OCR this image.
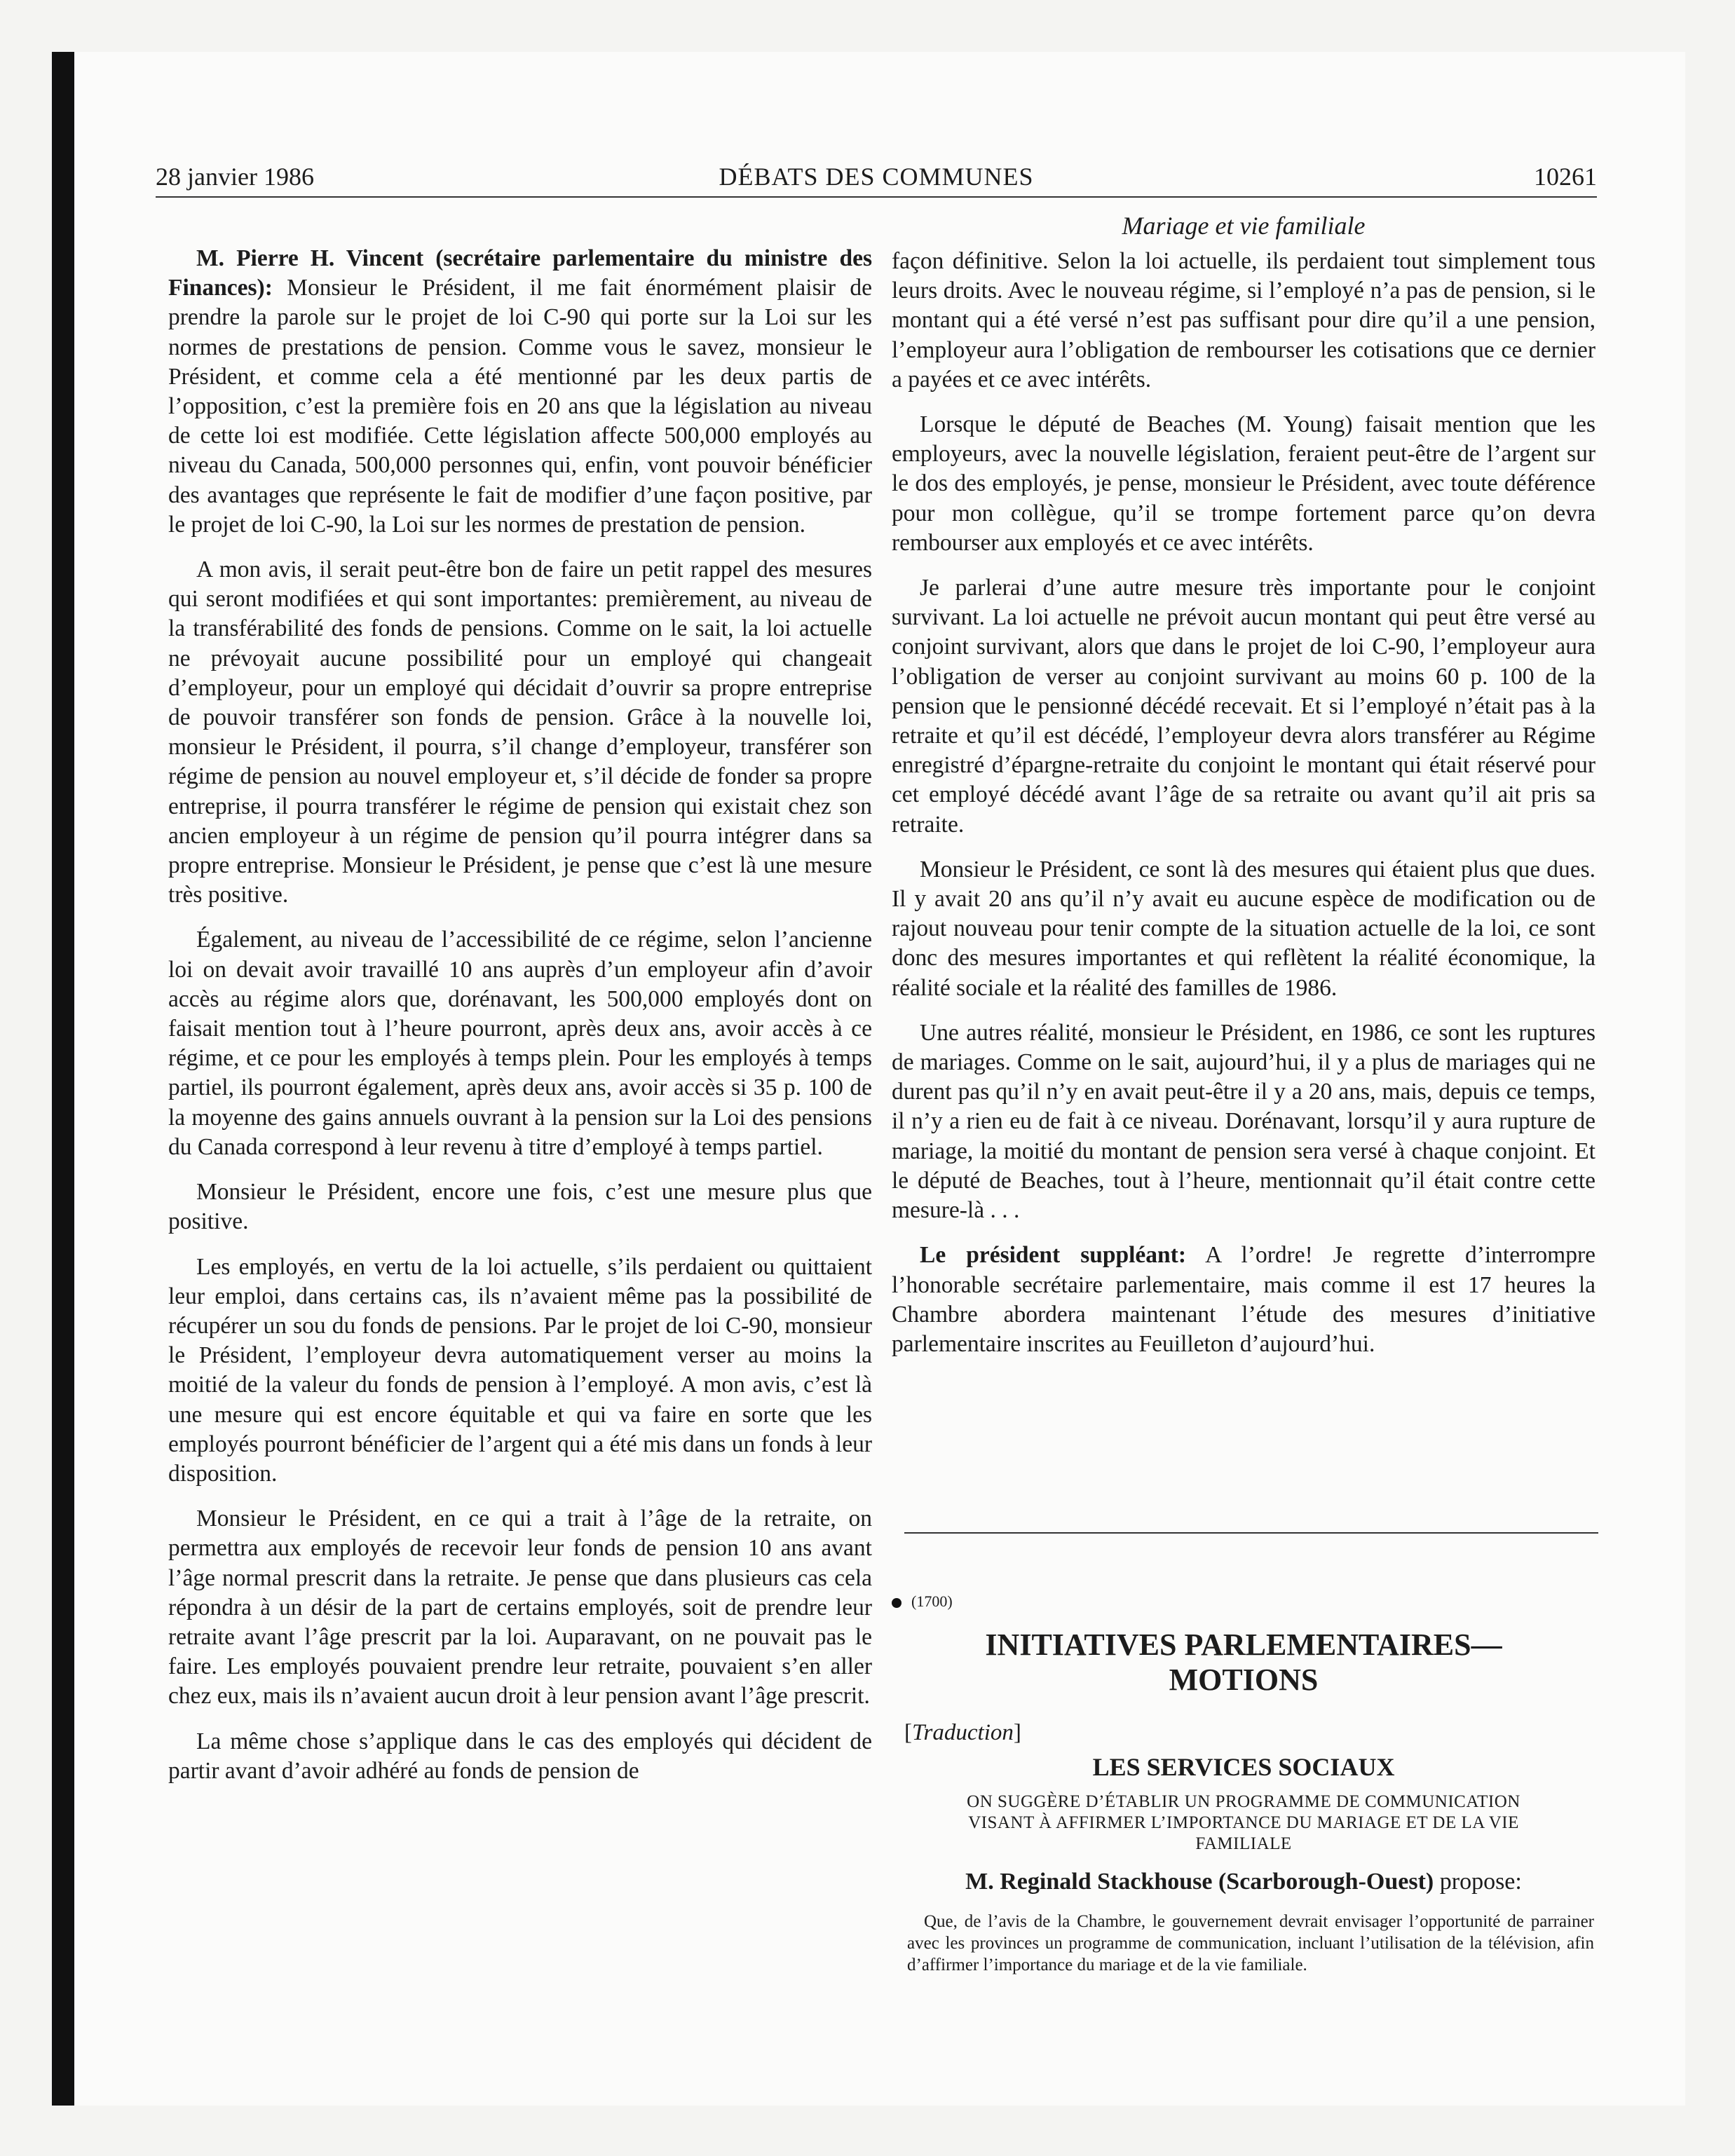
28 janvier 1986	DÉBATS DES COMMUNES	10261
Mariage et vie familiale

M. Pierre H. Vincent (secrétaire parlementaire du ministre des Finances): Monsieur le Président, il me fait énormément plaisir de prendre la parole sur le projet de loi C-90 qui porte sur la Loi sur les normes de prestations de pension. Comme vous le savez, monsieur le Président, et comme cela a été mentionné par les deux partis de l’opposition, c’est la première fois en 20 ans que la législation au niveau de cette loi est modifiée. Cette législation affecte 500,000 employés au niveau du Canada, 500,000 personnes qui, enfin, vont pouvoir bénéficier des avantages que représente le fait de modifier d’une façon positive, par le projet de loi C-90, la Loi sur les normes de prestation de pension.

A mon avis, il serait peut-être bon de faire un petit rappel des mesures qui seront modifiées et qui sont importantes: premièrement, au niveau de la transférabilité des fonds de pensions. Comme on le sait, la loi actuelle ne prévoyait aucune possibilité pour un employé qui changeait d’employeur, pour un employé qui décidait d’ouvrir sa propre entreprise de pouvoir transférer son fonds de pension. Grâce à la nouvelle loi, monsieur le Président, il pourra, s’il change d’employeur, transférer son régime de pension au nouvel employeur et, s’il décide de fonder sa propre entreprise, il pourra transférer le régime de pension qui existait chez son ancien employeur à un régime de pension qu’il pourra intégrer dans sa propre entreprise. Monsieur le Président, je pense que c’est là une mesure très positive.

Également, au niveau de l’accessibilité de ce régime, selon l’ancienne loi on devait avoir travaillé 10 ans auprès d’un employeur afin d’avoir accès au régime alors que, dorénavant, les 500,000 employés dont on faisait mention tout à l’heure pourront, après deux ans, avoir accès à ce régime, et ce pour les employés à temps plein. Pour les employés à temps partiel, ils pourront également, après deux ans, avoir accès si 35 p. 100 de la moyenne des gains annuels ouvrant à la pension sur la Loi des pensions du Canada correspond à leur revenu à titre d’employé à temps partiel.

Monsieur le Président, encore une fois, c’est une mesure plus que positive.

Les employés, en vertu de la loi actuelle, s’ils perdaient ou quittaient leur emploi, dans certains cas, ils n’avaient même pas la possibilité de récupérer un sou du fonds de pensions. Par le projet de loi C-90, monsieur le Président, l’employeur devra automatiquement verser au moins la moitié de la valeur du fonds de pension à l’employé. A mon avis, c’est là une mesure qui est encore équitable et qui va faire en sorte que les employés pourront bénéficier de l’argent qui a été mis dans un fonds à leur disposition.

Monsieur le Président, en ce qui a trait à l’âge de la retraite, on permettra aux employés de recevoir leur fonds de pension 10 ans avant l’âge normal prescrit dans la retraite. Je pense que dans plusieurs cas cela répondra à un désir de la part de certains employés, soit de prendre leur retraite avant l’âge prescrit par la loi. Auparavant, on ne pouvait pas le faire. Les employés pouvaient prendre leur retraite, pouvaient s’en aller chez eux, mais ils n’avaient aucun droit à leur pension avant l’âge prescrit.

La même chose s’applique dans le cas des employés qui décident de partir avant d’avoir adhéré au fonds de pension de

façon définitive. Selon la loi actuelle, ils perdaient tout simplement tous leurs droits. Avec le nouveau régime, si l’employé n’a pas de pension, si le montant qui a été versé n’est pas suffisant pour dire qu’il a une pension, l’employeur aura l’obligation de rembourser les cotisations que ce dernier a payées et ce avec intérêts.

Lorsque le député de Beaches (M. Young) faisait mention que les employeurs, avec la nouvelle législation, feraient peut-être de l’argent sur le dos des employés, je pense, monsieur le Président, avec toute déférence pour mon collègue, qu’il se trompe fortement parce qu’on devra rembourser aux employés et ce avec intérêts.

Je parlerai d’une autre mesure très importante pour le conjoint survivant. La loi actuelle ne prévoit aucun montant qui peut être versé au conjoint survivant, alors que dans le projet de loi C-90, l’employeur aura l’obligation de verser au conjoint survivant au moins 60 p. 100 de la pension que le pensionné décédé recevait. Et si l’employé n’était pas à la retraite et qu’il est décédé, l’employeur devra alors transférer au Régime enregistré d’épargne-retraite du conjoint le montant qui était réservé pour cet employé décédé avant l’âge de sa retraite ou avant qu’il ait pris sa retraite.

Monsieur le Président, ce sont là des mesures qui étaient plus que dues. Il y avait 20 ans qu’il n’y avait eu aucune espèce de modification ou de rajout nouveau pour tenir compte de la situation actuelle de la loi, ce sont donc des mesures importantes et qui reflètent la réalité économique, la réalité sociale et la réalité des familles de 1986.

Une autres réalité, monsieur le Président, en 1986, ce sont les ruptures de mariages. Comme on le sait, aujourd’hui, il y a plus de mariages qui ne durent pas qu’il n’y en avait peut-être il y a 20 ans, mais, depuis ce temps, il n’y a rien eu de fait à ce niveau. Dorénavant, lorsqu’il y aura rupture de mariage, la moitié du montant de pension sera versé à chaque conjoint. Et le député de Beaches, tout à l’heure, mentionnait qu’il était contre cette mesure-là . . .

Le président suppléant: A l’ordre! Je regrette d’interrompre l’honorable secrétaire parlementaire, mais comme il est 17 heures la Chambre abordera maintenant l’étude des mesures d’initiative parlementaire inscrites au Feuilleton d’aujourd’hui.

(1700)
INITIATIVES PARLEMENTAIRES—
MOTIONS
[Traduction]
LES SERVICES SOCIAUX
ON SUGGÈRE D’ÉTABLIR UN PROGRAMME DE COMMUNICATION
VISANT À AFFIRMER L’IMPORTANCE DU MARIAGE ET DE LA VIE
FAMILIALE
M. Reginald Stackhouse (Scarborough-Ouest) propose:
Que, de l’avis de la Chambre, le gouvernement devrait envisager l’opportunité de parrainer avec les provinces un programme de communication, incluant l’utilisation de la télévision, afin d’affirmer l’importance du mariage et de la vie familiale.
